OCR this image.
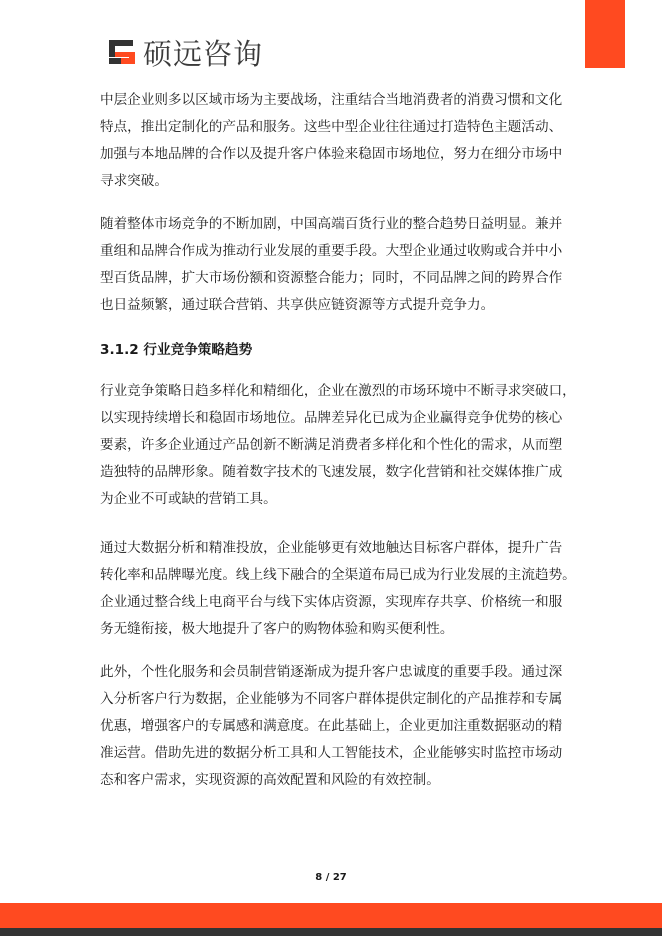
硕远咨询
中层企业则多以区域市场为主要战场，注重结合当地消费者的消费习惯和文化
特点，推出定制化的产品和服务。这些中型企业往往通过打造特色主题活动、
加强与本地品牌的合作以及提升客户体验来稳固市场地位，努力在细分市场中
寻求突破。
随着整体市场竞争的不断加剧，中国高端百货行业的整合趋势日益明显。兼并
重组和品牌合作成为推动行业发展的重要手段。大型企业通过收购或合并中小
型百货品牌，扩大市场份额和资源整合能力；同时，不同品牌之间的跨界合作
也日益频繁，通过联合营销、共享供应链资源等方式提升竞争力。
3.1.2 行业竞争策略趋势
行业竞争策略日趋多样化和精细化，企业在激烈的市场环境中不断寻求突破口，
以实现持续增长和稳固市场地位。品牌差异化已成为企业赢得竞争优势的核心
要素，许多企业通过产品创新不断满足消费者多样化和个性化的需求，从而塑
造独特的品牌形象。随着数字技术的飞速发展，数字化营销和社交媒体推广成
为企业不可或缺的营销工具。
通过大数据分析和精准投放，企业能够更有效地触达目标客户群体，提升广告
转化率和品牌曝光度。线上线下融合的全渠道布局已成为行业发展的主流趋势。
企业通过整合线上电商平台与线下实体店资源，实现库存共享、价格统一和服
务无缝衔接，极大地提升了客户的购物体验和购买便利性。
此外，个性化服务和会员制营销逐渐成为提升客户忠诚度的重要手段。通过深
入分析客户行为数据，企业能够为不同客户群体提供定制化的产品推荐和专属
优惠，增强客户的专属感和满意度。在此基础上，企业更加注重数据驱动的精
准运营。借助先进的数据分析工具和人工智能技术，企业能够实时监控市场动
态和客户需求，实现资源的高效配置和风险的有效控制。
8 / 27
